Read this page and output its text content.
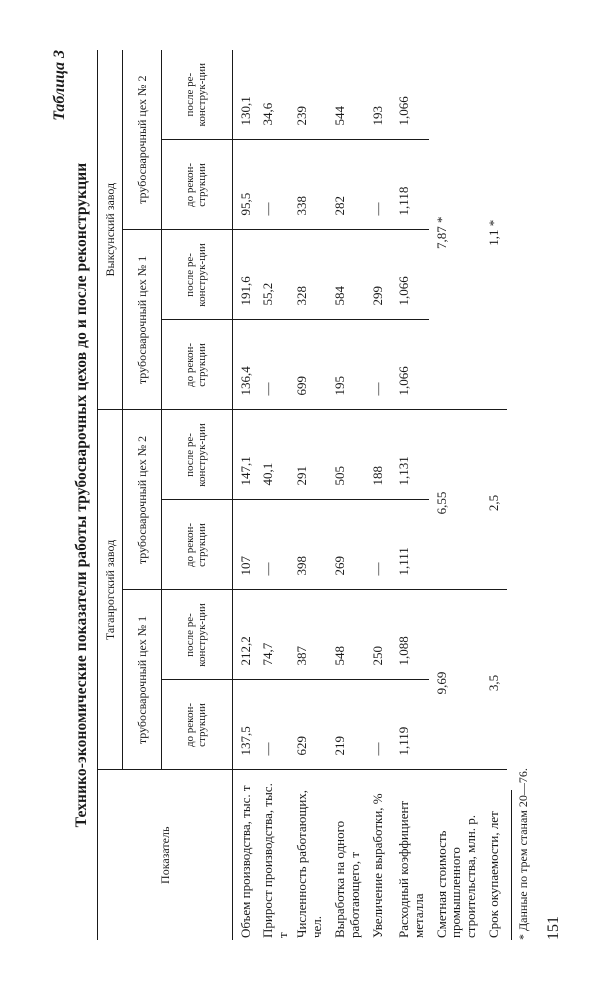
Таблица 3
Технико-экономические показатели работы трубосварочных цехов до и после реконструкции
Показатель	Таганрогский завод				Выксунский завод			
	трубосварочный цех № 1		трубосварочный цех № 2		трубосварочный цех № 1		трубосварочный цех № 2	
	до рекон-струкции	после ре-конструк-ции	до рекон-струкции	после ре-конструк-ции	до рекон-струкции	после ре-конструк-ции	до рекон-струкции	после ре-конструк-ции
Объем производства, тыс. т	137,5	212,2	107	147,1	136,4	191,6	95,5	130,1
Прирост производства, тыс. т	—	74,7	—	40,1	—	55,2	—	34,6
Численность работающих, чел.	629	387	398	291	699	328	338	239
Выработка на одного работающего, т	219	548	269	505	195	584	282	544
Увеличение выработки, %	—	250	—	188	—	299	—	193
Расходный коэффициент металла	1,119	1,088	1,111	1,131	1,066	1,066	1,118	1,066
Сметная стоимость промышленного строительства, млн. р.	9,69		6,55		7,87 *			
Срок окупаемости, лет	3,5		2,5		1,1 *			
* Данные по трем станам 20—76. 151
